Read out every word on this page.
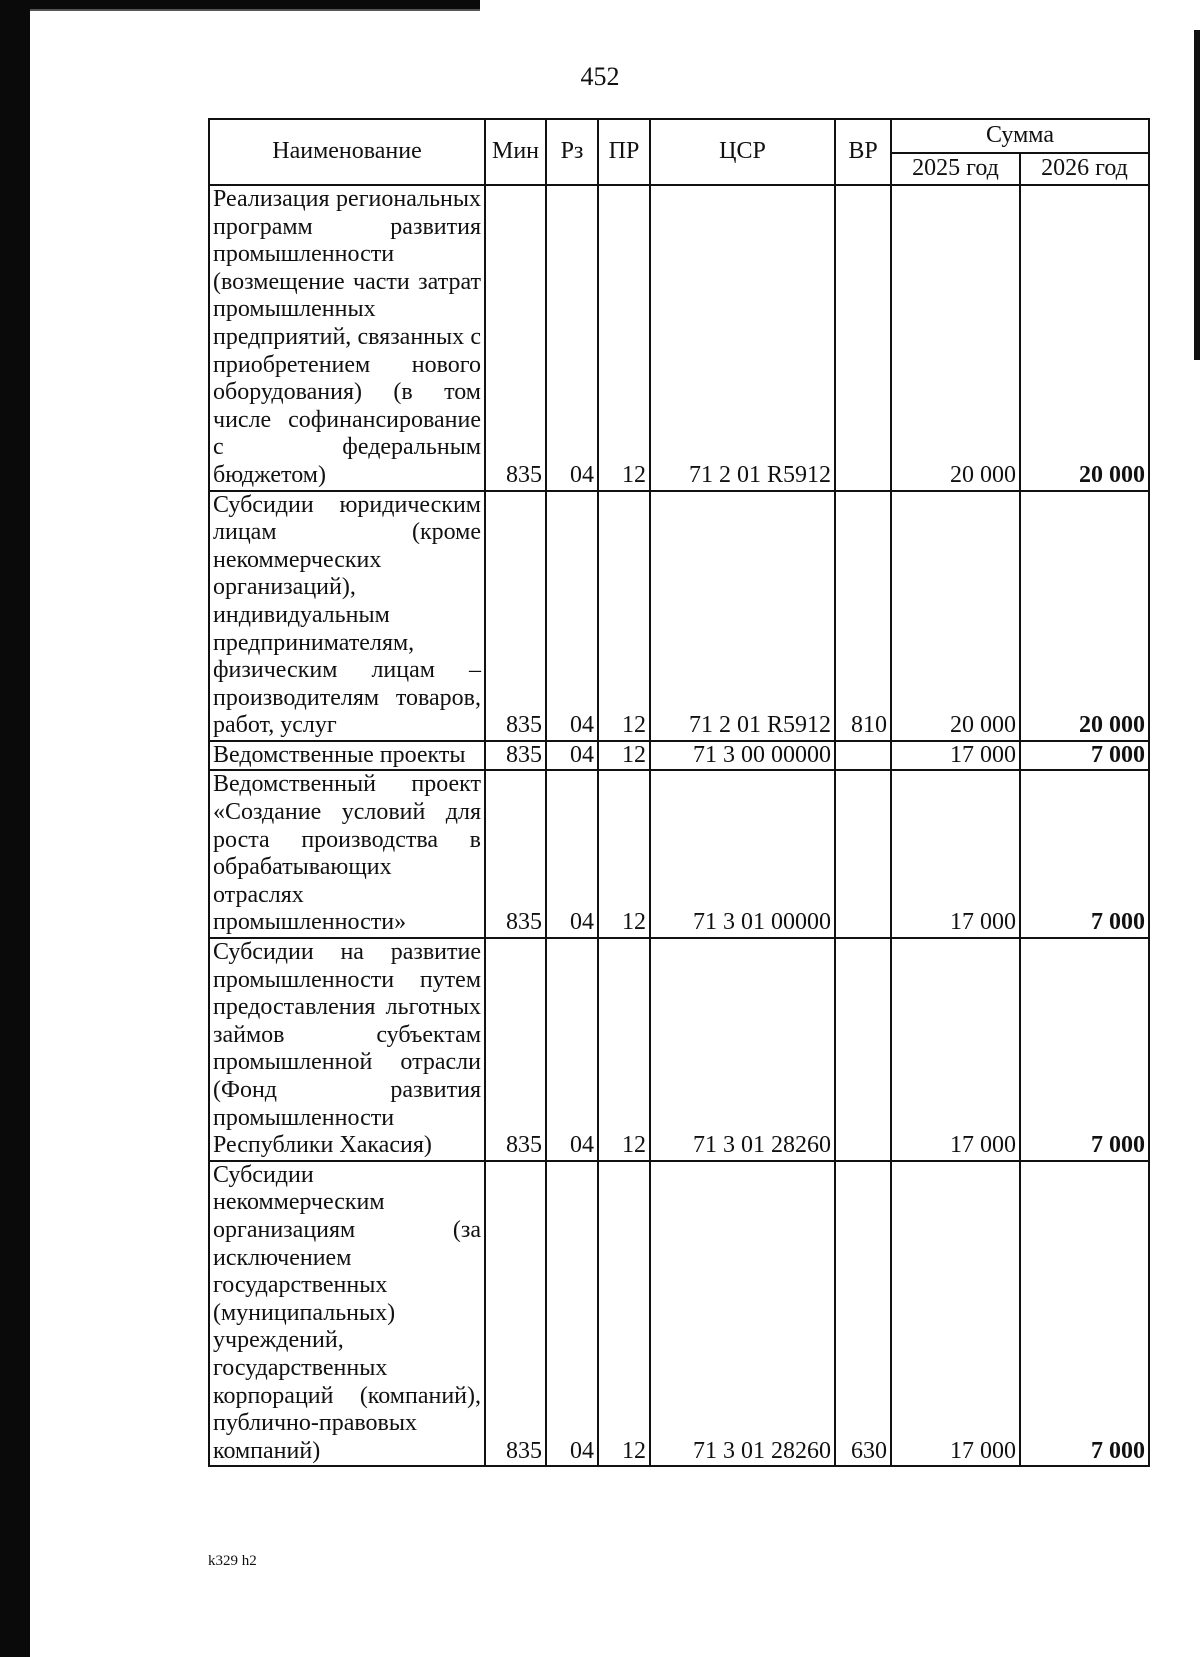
452
Наименование	Мин	Рз	ПР	ЦСР	ВР	Сумма	
						2025 год	2026 год
Реализация региональных программ развития промышленности (возмещение части затрат промышленных предприятий, связанных с приобретением нового оборудования) (в том числе софинансирование с федеральным бюджетом)	835	04	12	71 2 01 R5912		20 000	20 000
Субсидии юридическим лицам (кроме некоммерческих организаций), индивидуальным предпринимателям, физическим лицам – производителям товаров, работ, услуг	835	04	12	71 2 01 R5912	810	20 000	20 000
Ведомственные проекты	835	04	12	71 3 00 00000		17 000	7 000
Ведомственный проект «Создание условий для роста производства в обрабатывающих отраслях промышленности»	835	04	12	71 3 01 00000		17 000	7 000
Субсидии на развитие промышленности путем предоставления льготных займов субъектам промышленной отрасли (Фонд развития промышленности Республики Хакасия)	835	04	12	71 3 01 28260		17 000	7 000
Субсидии некоммерческим организациям (за исключением государственных (муниципальных) учреждений, государственных корпораций (компаний), публично-правовых компаний)	835	04	12	71 3 01 28260	630	17 000	7 000
k329 h2
